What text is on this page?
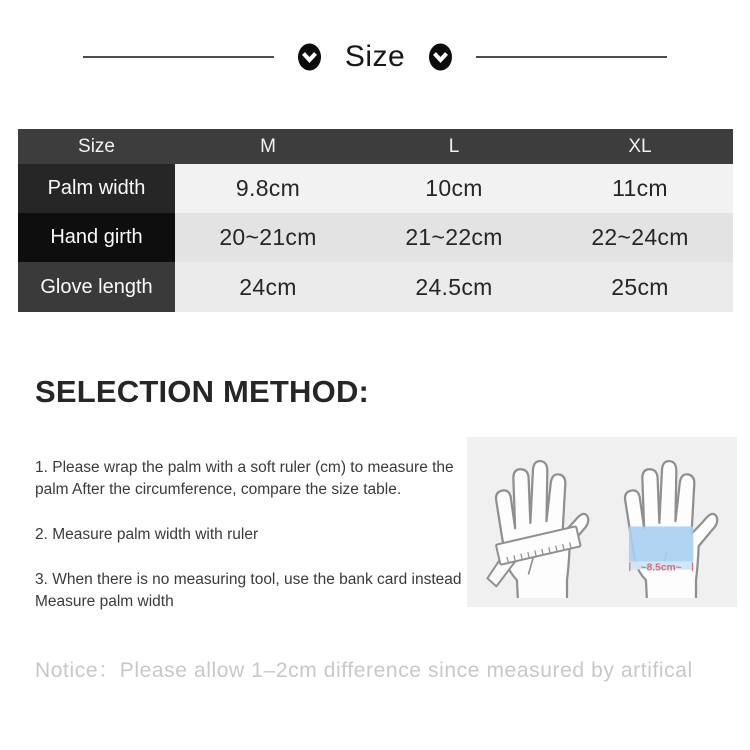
Size
Size	M	L	XL
Palm width	9.8cm	10cm	11cm
Hand girth	20~21cm	21~22cm	22~24cm
Glove length	24cm	24.5cm	25cm
SELECTION METHOD:

1. Please wrap the palm with a soft ruler (cm) to measure the palm After the circumference, compare the size table.

2. Measure palm width with ruler

3. When there is no measuring tool, use the bank card instead Measure palm width

~8.5cm~

Notice：Please allow 1–2cm difference since measured by artifical
